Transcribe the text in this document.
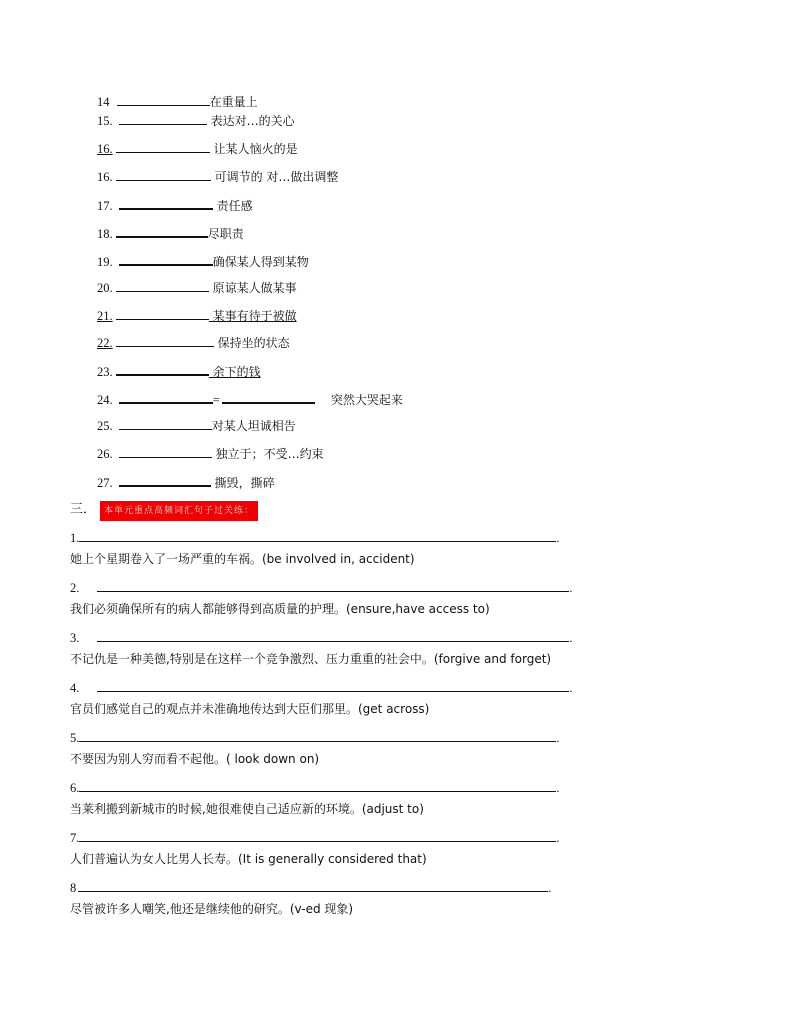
14	在重量上
15.	表达对…的关心
16.	让某人恼火的是
16.	可调节的 对…做出调整
17.	责任感
18.	尽职责
19.	确保某人得到某物
20.	原谅某人做某事
21.	某事有待于被做
22.	保持坐的状态
23.	余下的钱
24.	=	突然大哭起来
25.	对某人坦诚相告
26.	独立于；不受…约束
27.	撕毁，撕碎
三． 本单元重点高频词汇句子过关练：
1.	.
她上个星期卷入了一场严重的车祸。(be involved in, accident)
2.	.
我们必须确保所有的病人都能够得到高质量的护理。(ensure,have access to)
3.	.
不记仇是一种美德,特别是在这样一个竞争激烈、压力重重的社会中。(forgive and forget)
4.	.
官员们感觉自己的观点并未准确地传达到大臣们那里。(get across)
5.	.
不要因为别人穷而看不起他。( look down on)
6.	.
当莱利搬到新城市的时候,她很难使自己适应新的环境。(adjust to)
7.	.
人们普遍认为女人比男人长寿。(It is generally considered that)
8	.
尽管被许多人嘲笑,他还是继续他的研究。(v-ed 现象)
